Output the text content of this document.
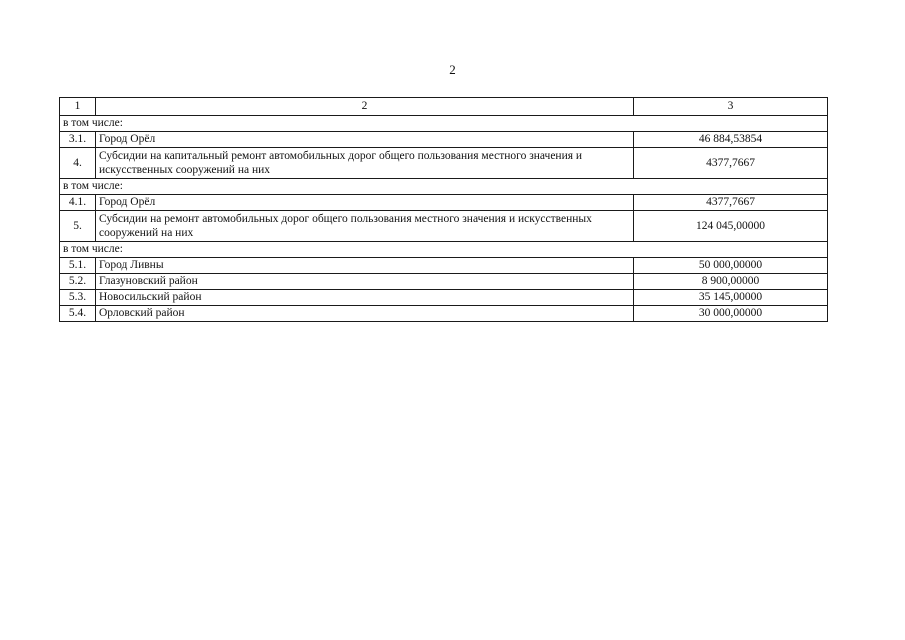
2
1	2	3
в том числе:		
3.1.	Город Орёл	46 884,53854
4.	Субсидии на капитальный ремонт автомобильных дорог общего пользования местного значения и искусственных сооружений на них	4377,7667
в том числе:		
4.1.	Город Орёл	4377,7667
5.	Субсидии на ремонт автомобильных дорог общего пользования местного значения и искусственных сооружений на них	124 045,00000
в том числе:		
5.1.	Город Ливны	50 000,00000
5.2.	Глазуновский район	8 900,00000
5.3.	Новосильский район	35 145,00000
5.4.	Орловский район	30 000,00000
